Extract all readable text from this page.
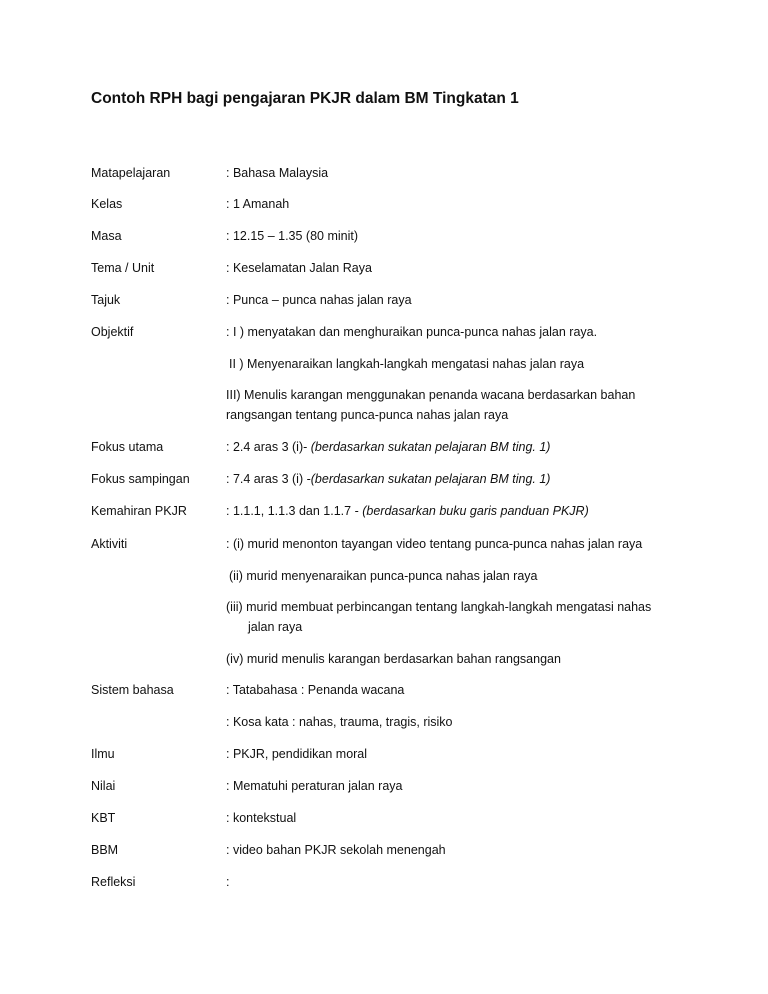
Contoh RPH bagi pengajaran PKJR dalam BM Tingkatan 1
Matapelajaran	: Bahasa Malaysia
Kelas	: 1 Amanah
Masa	: 12.15 – 1.35 (80 minit)
Tema / Unit	: Keselamatan Jalan Raya
Tajuk	: Punca – punca nahas jalan raya
Objektif	: I ) menyatakan dan menghuraikan punca-punca nahas jalan raya.
II ) Menyenaraikan langkah-langkah mengatasi nahas jalan raya
III) Menulis karangan menggunakan penanda wacana berdasarkan bahan
rangsangan tentang punca-punca nahas jalan raya
Fokus utama	: 2.4 aras 3 (i)- (berdasarkan sukatan pelajaran BM ting. 1)
Fokus sampingan	: 7.4 aras 3 (i) -(berdasarkan sukatan pelajaran BM ting. 1)
Kemahiran PKJR	: 1.1.1, 1.1.3 dan 1.1.7 - (berdasarkan buku garis panduan PKJR)
Aktiviti	: (i) murid menonton tayangan video tentang punca-punca nahas jalan raya
(ii) murid menyenaraikan punca-punca nahas jalan raya
(iii) murid membuat perbincangan tentang langkah-langkah mengatasi nahas
jalan raya
(iv) murid menulis karangan berdasarkan bahan rangsangan
Sistem bahasa	: Tatabahasa : Penanda wacana
: Kosa kata : nahas, trauma, tragis, risiko
Ilmu	: PKJR, pendidikan moral
Nilai	: Mematuhi peraturan jalan raya
KBT	: kontekstual
BBM	: video bahan PKJR sekolah menengah
Refleksi	:
